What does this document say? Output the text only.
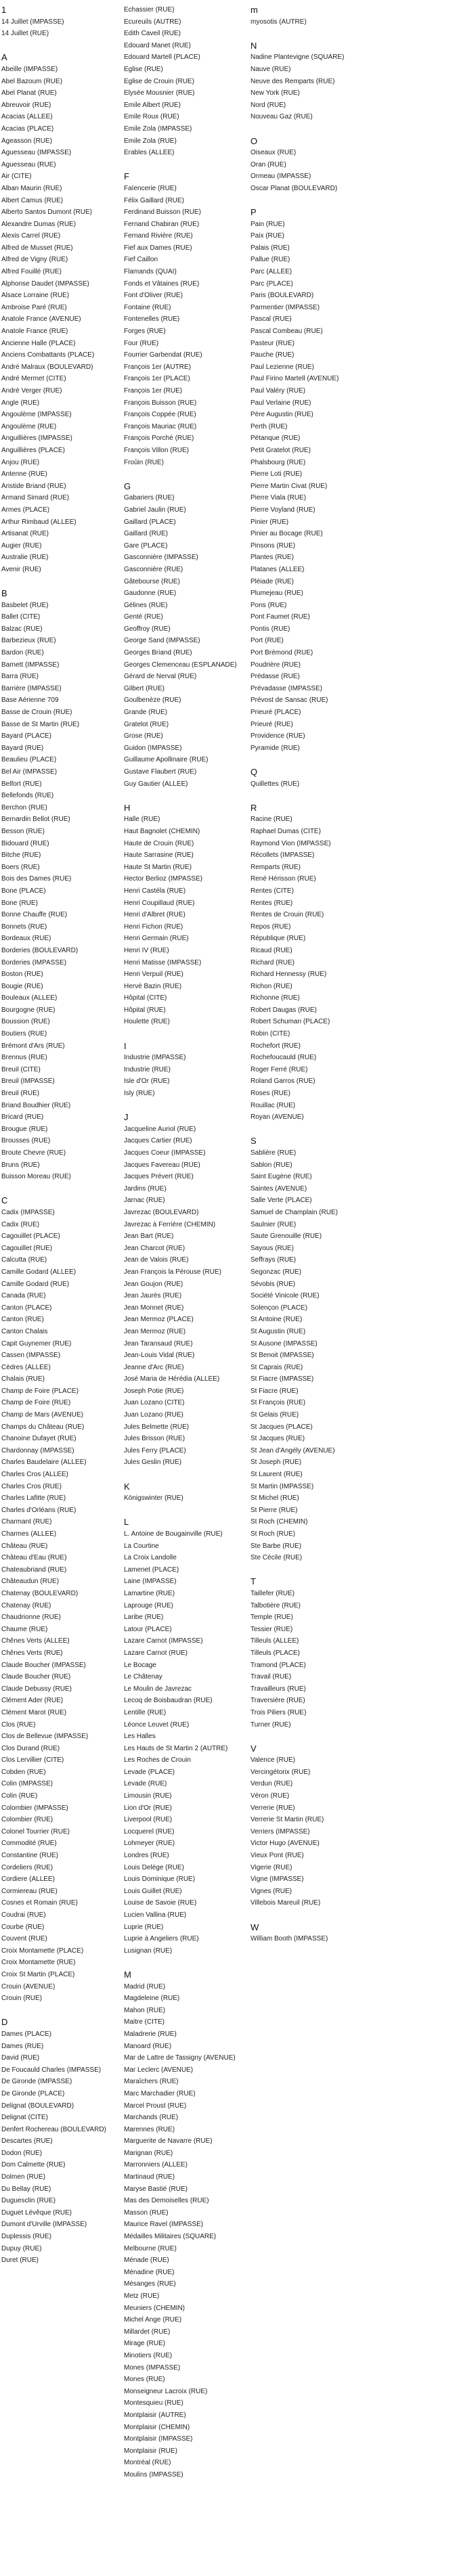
1
14 Juillet (IMPASSE)
14 Juillet (RUE)
A
Abeille (IMPASSE)
Abel Bazoum (RUE)
Abel Planat (RUE)
Abreuvoir (RUE)
Acacias (ALLEE)
Acacias (PLACE)
Ageasson (RUE)
Aguesseau (IMPASSE)
Aguesseau (RUE)
Air (CITE)
Alban Maurin (RUE)
Albert Camus (RUE)
Alberto Santos Dumont (RUE)
Alexandre Dumas (RUE)
Alexis Carrel (RUE)
Alfred de Musset (RUE)
Alfred de Vigny (RUE)
Alfred Fouillé (RUE)
Alphonse Daudet (IMPASSE)
Alsace Lorraine (RUE)
Ambroise Paré (RUE)
Anatole France (AVENUE)
Anatole France (RUE)
Ancienne Halle (PLACE)
Anciens Combattants (PLACE)
André Malraux (BOULEVARD)
André Mermet (CITE)
André Verger (RUE)
Angle (RUE)
Angoulème (IMPASSE)
Angoulème (RUE)
Anguillières (IMPASSE)
Anguillières (PLACE)
Anjou (RUE)
Antenne (RUE)
Aristide Briand (RUE)
Armand Simard (RUE)
Armes (PLACE)
Arthur Rimbaud (ALLEE)
Artisanat (RUE)
Augier (RUE)
Australie (RUE)
Avenir (RUE)
B
Basbelet (RUE)
Ballet (CITE)
Balzac (RUE)
Barbezieux (RUE)
Bardon (RUE)
Barnett (IMPASSE)
Barra (RUE)
Barrière (IMPASSE)
Base Aérienne 709
Basse de Crouin (RUE)
Basse de St Martin (RUE)
Bayard (PLACE)
Bayard (RUE)
Beaulieu (PLACE)
Bel Air (IMPASSE)
Belfort (RUE)
Bellefonds (RUE)
Berchon (RUE)
Bernardin Bellot (RUE)
Besson (RUE)
Bidouard (RUE)
Bitche (RUE)
Boers (RUE)
Bois des Dames (RUE)
Bone (PLACE)
Bone (RUE)
Bonne Chauffe (RUE)
Bonnets (RUE)
Bordeaux (RUE)
Borderies (BOULEVARD)
Borderies (IMPASSE)
Boston (RUE)
Bougie (RUE)
Bouleaux (ALLEE)
Bourgogne (RUE)
Boussion (RUE)
Boutiers (RUE)
Brémont d'Ars (RUE)
Brennus (RUE)
Breuil (CITE)
Breuil (IMPASSE)
Breuil (RUE)
Briand Boudhier (RUE)
Bricard (RUE)
Brougue (RUE)
Brousses (RUE)
Broute Chevre (RUE)
Bruns (RUE)
Buisson Moreau (RUE)
C
Cadix (IMPASSE)
Cadix (RUE)
Cagouillet (PLACE)
Cagouillet (RUE)
Calcutta (RUE)
Camille Godard (ALLEE)
Camille Godard (RUE)
Canada (RUE)
Canton (PLACE)
Canton (RUE)
Canton Chalais
Capit Guynemer (RUE)
Cassen (IMPASSE)
Cèdres (ALLEE)
Chalais (RUE)
Champ de Foire (PLACE)
Champ de Foire (RUE)
Champ de Mars (AVENUE)
Champs du Château (RUE)
Chanoine Dufayet (RUE)
Chardonnay (IMPASSE)
Charles Baudelaire (ALLEE)
Charles Cros (ALLEE)
Charles Cros (RUE)
Charles Lafitte (RUE)
Charles d'Orléans (RUE)
Charmant (RUE)
Charmes (ALLEE)
Château (RUE)
Château d'Eau (RUE)
Chateaubriand (RUE)
Châteaudun (RUE)
Chatenay (BOULEVARD)
Chatenay (RUE)
Chaudrionne (RUE)
Chaume (RUE)
Chênes Verts (ALLEE)
Chênes Verts (RUE)
Claude Boucher (IMPASSE)
Claude Boucher (RUE)
Claude Debussy (RUE)
Clément Ader (RUE)
Clément Marot (RUE)
Clos (RUE)
Clos de Bellevue (IMPASSE)
Clos Durand (RUE)
Clos Lervillier (CITE)
Cobden (RUE)
Colin (IMPASSE)
Colin (RUE)
Colombier (IMPASSE)
Colombier (RUE)
Colonel Tourrier (RUE)
Commodité (RUE)
Constantine (RUE)
Cordeliers (RUE)
Cordiere (ALLEE)
Cormiereau (RUE)
Cosnes et Romain (RUE)
Coudrai (RUE)
Courbe (RUE)
Couvent (RUE)
Croix Montamette (PLACE)
Croix Montamette (RUE)
Croix St Martin (PLACE)
Crouin (AVENUE)
Crouin (RUE)
D
Dames (PLACE)
Dames (RUE)
David (RUE)
De Foucauld Charles (IMPASSE)
De Gironde (IMPASSE)
De Gironde (PLACE)
Delignat (BOULEVARD)
Delignat (CITE)
Denfert Rochereau (BOULEVARD)
Descartes (RUE)
Dodon (RUE)
Dom Calmette (RUE)
Dolmen (RUE)
Du Bellay (RUE)
Duguesclin (RUE)
Duguet Lévêque (RUE)
Dumont d'Urville (IMPASSE)
Duplessis (RUE)
Dupuy (RUE)
Duret (RUE)
Echassier (RUE)
Ecureuils (AUTRE)
Edith Caveil (RUE)
Edouard Manet (RUE)
Edouard Martell (PLACE)
Eglise (RUE)
Eglise de Crouin (RUE)
Elysée Mousnier (RUE)
Emile Albert (RUE)
Emile Roux (RUE)
Emile Zola (IMPASSE)
Emile Zola (RUE)
Erables (ALLEE)
F
Faïencerie (RUE)
Félix Gaillard (RUE)
Ferdinand Buisson (RUE)
Fernand Chabiran (RUE)
Fernand Rivière (RUE)
Fief aux Dames (RUE)
Fief Caillon
Flamands (QUAI)
Fonds et Vâtaines (RUE)
Font d'Oliver (RUE)
Fontaine (RUE)
Fontenelles (RUE)
Forges (RUE)
Four (RUE)
Fourrier Garbendat (RUE)
François 1er (AUTRE)
François 1er (PLACE)
François 1er (RUE)
François Buisson (RUE)
François Coppée (RUE)
François Mauriac (RUE)
François Porché (RUE)
François Villon (RUE)
Froûin (RUE)
G
Gabariers (RUE)
Gabriel Jaulin (RUE)
Gaillard (PLACE)
Gaillard (RUE)
Gare (PLACE)
Gasconnière (IMPASSE)
Gasconnière (RUE)
Gâtebourse (RUE)
Gaudonne (RUE)
Gélines (RUE)
Genté (RUE)
Geoffroy (RUE)
George Sand (IMPASSE)
Georges Briand (RUE)
Georges Clemenceau (ESPLANADE)
Gérard de Nerval (RUE)
Gilbert (RUE)
Goulbenèze (RUE)
Grande (RUE)
Gratelot (RUE)
Grose (RUE)
Guidon (IMPASSE)
Guillaume Apollinaire (RUE)
Gustave Flaubert (RUE)
Guy Gautier (ALLEE)
H
Halle (RUE)
Haut Bagnolet (CHEMIN)
Haute de Crouin (RUE)
Haute Sarrasine (RUE)
Haute St Martin (RUE)
Hector Berlioz (IMPASSE)
Henri Castéla (RUE)
Henri Coupillaud (RUE)
Henri d'Albret (RUE)
Henri Fichon (RUE)
Henri Germain (RUE)
Henri IV (RUE)
Henri Matisse (IMPASSE)
Henri Verpuil (RUE)
Hervé Bazin (RUE)
Hôpital (CITE)
Hôpital (RUE)
Houlette (RUE)
I
Industrie (IMPASSE)
Industrie (RUE)
Isle d'Or (RUE)
Isly (RUE)
J
Jacqueline Auriol (RUE)
Jacques Cartier (RUE)
Jacques Coeur (IMPASSE)
Jacques Favereau (RUE)
Jacques Prévert (RUE)
Jardins (RUE)
Jarnac (RUE)
Javrezac (BOULEVARD)
Javrezac à Ferrière (CHEMIN)
Jean Bart (RUE)
Jean Charcot (RUE)
Jean de Valois (RUE)
Jean François la Pérouse (RUE)
Jean Goujon (RUE)
Jean Jaurès (RUE)
Jean Monnet (RUE)
Jean Mermoz (PLACE)
Jean Mermoz (RUE)
Jean Taransaud (RUE)
Jean-Louis Vidal (RUE)
Jeanne d'Arc (RUE)
José Maria de Hérédia (ALLEE)
Joseph Potie (RUE)
Juan Lozano (CITE)
Juan Lozano (RUE)
Jules Belmette (RUE)
Jules Brisson (RUE)
Jules Ferry (PLACE)
Jules Geslin (RUE)
K
Königswinter (RUE)
L
L. Antoine de Bougainville (RUE)
La Courtine
La Croix Landolle
Lamenet (PLACE)
Laine (IMPASSE)
Lamartine (RUE)
Laprouge (RUE)
Laribe (RUE)
Latour (PLACE)
Lazare Carnot (IMPASSE)
Lazare Carnot (RUE)
Le Bocage
Le Châtenay
Le Moulin de Javrezac
Lecoq de Boisbaudran (RUE)
Lentille (RUE)
Léonce Leuvet (RUE)
Les Halles
Les Hauts de St Martin 2 (AUTRE)
Les Roches de Crouin
Levade (PLACE)
Levade (RUE)
Limousin (RUE)
Lion d'Or (RUE)
Liverpool (RUE)
Locquerel (RUE)
Lohmeyer (RUE)
Londres (RUE)
Louis Delège (RUE)
Louis Dominique (RUE)
Louis Guillet (RUE)
Louise de Savoie (RUE)
Lucien Vallina (RUE)
Luprie (RUE)
Luprie à Angeliers (RUE)
Lusignan (RUE)
M
Madrid (RUE)
Magdeleine (RUE)
Mahon (RUE)
Maitre (CITE)
Maladrerie (RUE)
Manoard (RUE)
Mar de Lattre de Tassigny (AVENUE)
Mar Leclerc (AVENUE)
Maraîchers (RUE)
Marc Marchadier (RUE)
Marcel Proust (RUE)
Marchands (RUE)
Marennes (RUE)
Marguerite de Navarre (RUE)
Marignan (RUE)
Marronniers (ALLEE)
Martinaud (RUE)
Maryse Bastié (RUE)
Mas des Demoiselles (RUE)
Masson (RUE)
Maurice Ravel (IMPASSE)
Médailles Militaires (SQUARE)
Melbourne (RUE)
Ménade (RUE)
Ménadine (RUE)
Mésanges (RUE)
Metz (RUE)
Meuniers (CHEMIN)
Michel Ange (RUE)
Millardet (RUE)
Mirage (RUE)
Minotiers (RUE)
Mones (IMPASSE)
Mones (RUE)
Monseigneur Lacroix (RUE)
Montesquieu (RUE)
Montplaisir (AUTRE)
Montplaisir (CHEMIN)
Montplaisir (IMPASSE)
Montplaisir (RUE)
Montréal (RUE)
Moulins (IMPASSE)
m
myosotis (AUTRE)
N
Nadine Plantevigne (SQUARE)
Nauve (RUE)
Neuve des Remparts (RUE)
New York (RUE)
Nord (RUE)
Nouveau Gaz (RUE)
O
Oiseaux (RUE)
Oran (RUE)
Ormeau (IMPASSE)
Oscar Planat (BOULEVARD)
P
Pain (RUE)
Paix (RUE)
Palais (RUE)
Pallue (RUE)
Parc (ALLEE)
Parc (PLACE)
Paris (BOULEVARD)
Parmentier (IMPASSE)
Pascal (RUE)
Pascal Combeau (RUE)
Pasteur (RUE)
Pauche (RUE)
Paul Lezienne (RUE)
Paul Firino Martell (AVENUE)
Paul Valéry (RUE)
Paul Verlaine (RUE)
Père Augustin (RUE)
Perth (RUE)
Pétanque (RUE)
Petit Gratelot (RUE)
Phalsbourg (RUE)
Pierre Loti (RUE)
Pierre Martin Civat (RUE)
Pierre Viala (RUE)
Pierre Voyland (RUE)
Pinier (RUE)
Pinier au Bocage (RUE)
Pinsons (RUE)
Plantes (RUE)
Platanes (ALLEE)
Pléiade (RUE)
Plumejeau (RUE)
Pons (RUE)
Pont Faumet (RUE)
Pontis (RUE)
Port (RUE)
Port Brémond (RUE)
Poudrière (RUE)
Prédasse (RUE)
Prévadasse (IMPASSE)
Prévost de Sansac (RUE)
Prieuré (PLACE)
Prieuré (RUE)
Providence (RUE)
Pyramide (RUE)
Q
Quillettes (RUE)
R
Racine (RUE)
Raphael Dumas (CITE)
Raymond Vion (IMPASSE)
Récollets (IMPASSE)
Remparts (RUE)
René Hérisson (RUE)
Rentes (CITE)
Rentes (RUE)
Rentes de Crouin (RUE)
Repos (RUE)
République (RUE)
Ricaud (RUE)
Richard (RUE)
Richard Hennessy (RUE)
Richon (RUE)
Richonne (RUE)
Robert Daugas (RUE)
Robert Schuman (PLACE)
Robin (CITE)
Rochefort (RUE)
Rochefoucauld (RUE)
Roger Ferré (RUE)
Roland Garros (RUE)
Roses (RUE)
Rouillac (RUE)
Royan (AVENUE)
S
Sablière (RUE)
Sablon (RUE)
Saint Eugène (RUE)
Saintes (AVENUE)
Salle Verte (PLACE)
Samuel de Champlain (RUE)
Saulnier (RUE)
Saute Grenouille (RUE)
Sayous (RUE)
Seffrays (RUE)
Segonzac (RUE)
Sévobis (RUE)
Société Vinicole (RUE)
Solençon (PLACE)
St Antoine (RUE)
St Augustin (RUE)
St Ausone (IMPASSE)
St Benoit (IMPASSE)
St Caprais (RUE)
St Fiacre (IMPASSE)
St Fiacre (RUE)
St François (RUE)
St Gelais (RUE)
St Jacques (PLACE)
St Jacques (RUE)
St Jean d'Angély (AVENUE)
St Joseph (RUE)
St Laurent (RUE)
St Martin (IMPASSE)
St Michel (RUE)
St Pierre (RUE)
St Roch (CHEMIN)
St Roch (RUE)
Ste Barbe (RUE)
Ste Cécile (RUE)
T
Taillefer (RUE)
Talbotière (RUE)
Temple (RUE)
Tessier (RUE)
Tilleuls (ALLEE)
Tilleuls (PLACE)
Tramond (PLACE)
Travail (RUE)
Travailleurs (RUE)
Traversière (RUE)
Trois Piliers (RUE)
Turner (RUE)
V
Valence (RUE)
Vercingétorix (RUE)
Verdun (RUE)
Véron (RUE)
Verrerie (RUE)
Verrerie St Martin (RUE)
Verriers (IMPASSE)
Victor Hugo (AVENUE)
Vieux Pont (RUE)
Vigerie (RUE)
Vigne (IMPASSE)
Vignes (RUE)
Villebois Mareuil (RUE)
W
William Booth (IMPASSE)
